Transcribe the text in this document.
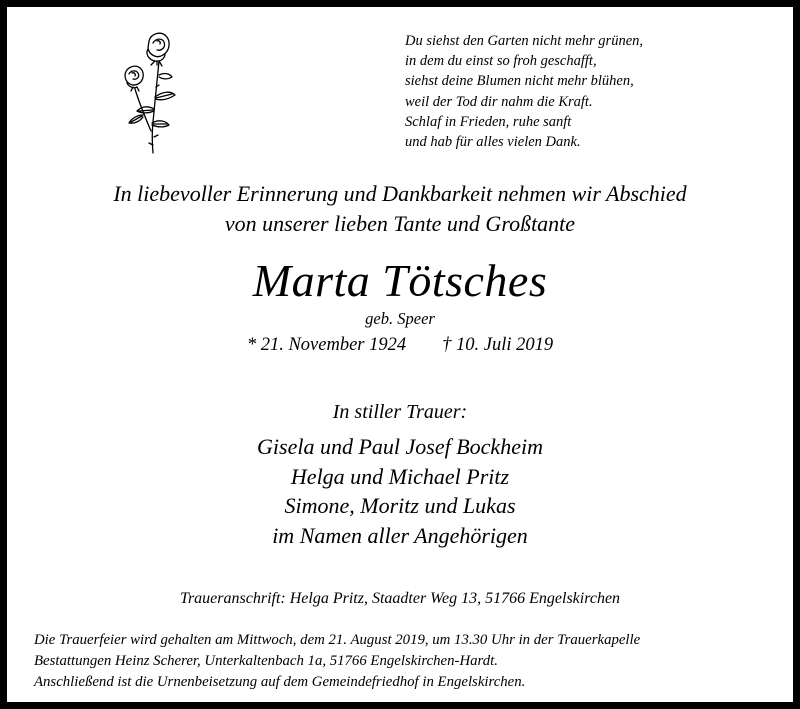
Du siehst den Garten nicht mehr grünen,
in dem du einst so froh geschafft,
siehst deine Blumen nicht mehr blühen,
weil der Tod dir nahm die Kraft.
Schlaf in Frieden, ruhe sanft
und hab für alles vielen Dank.
In liebevoller Erinnerung und Dankbarkeit nehmen wir Abschied
von unserer lieben Tante und Großtante
Marta Tötsches
geb. Speer
* 21. November 1924 † 10. Juli 2019
In stiller Trauer:
Gisela und Paul Josef Bockheim
Helga und Michael Pritz
Simone, Moritz und Lukas
im Namen aller Angehörigen
Traueranschrift: Helga Pritz, Staadter Weg 13, 51766 Engelskirchen
Die Trauerfeier wird gehalten am Mittwoch, dem 21. August 2019, um 13.30 Uhr in der Trauerkapelle
Bestattungen Heinz Scherer, Unterkaltenbach 1a, 51766 Engelskirchen-Hardt.
Anschließend ist die Urnenbeisetzung auf dem Gemeindefriedhof in Engelskirchen.
